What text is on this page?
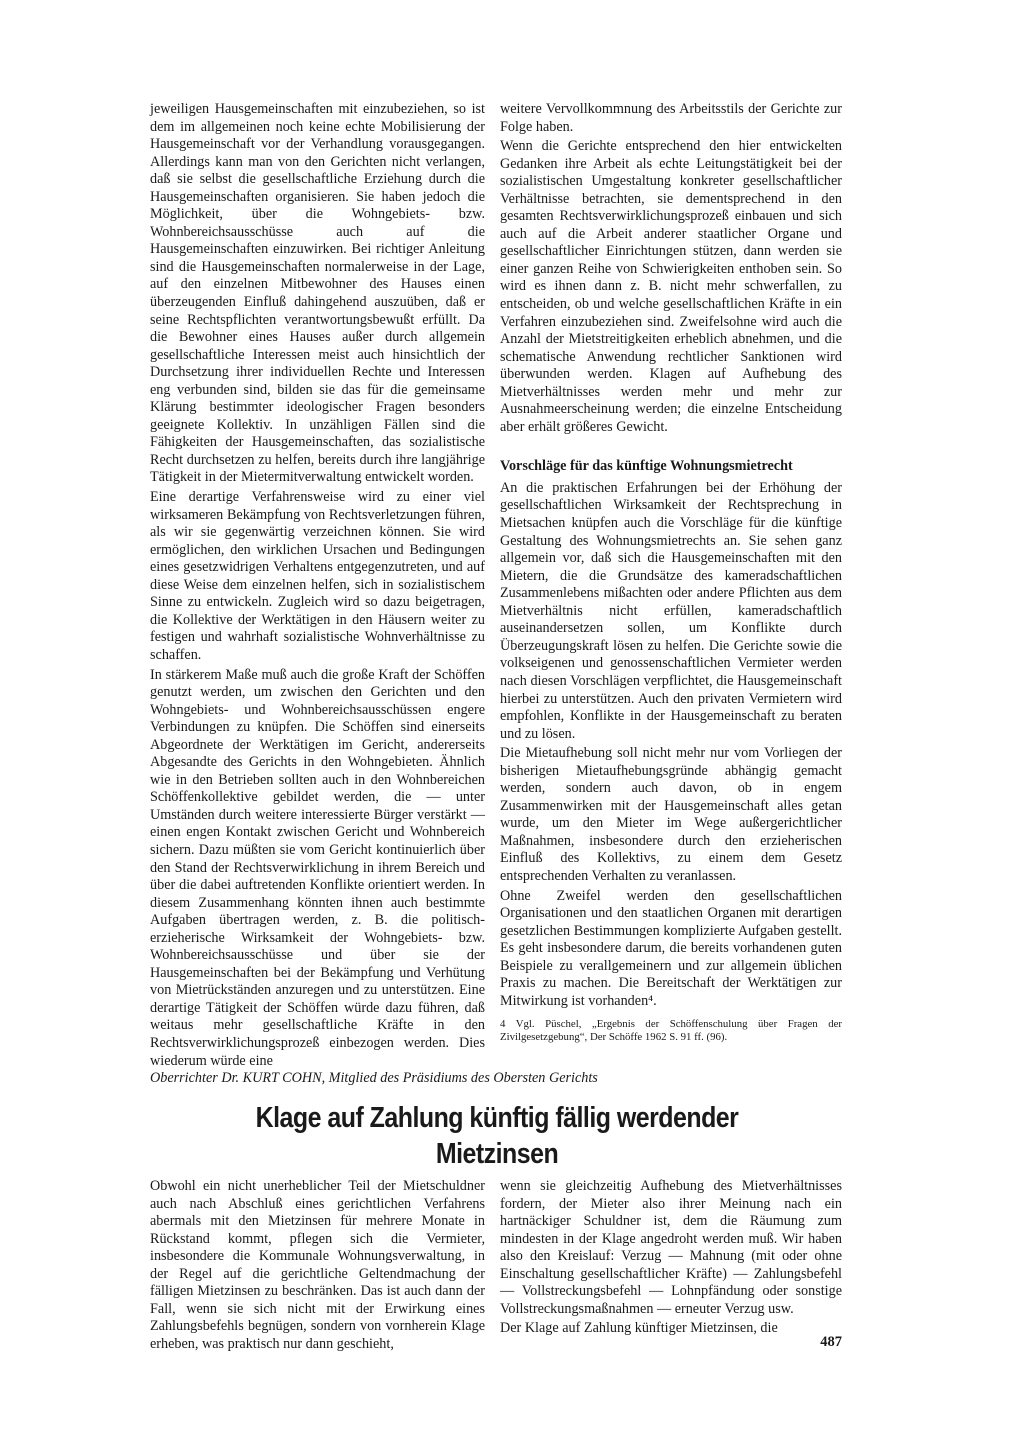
jeweiligen Hausgemeinschaften mit einzubeziehen, so ist dem im allgemeinen noch keine echte Mobilisierung der Hausgemeinschaft vor der Verhandlung vorausgegangen. Allerdings kann man von den Gerichten nicht verlangen, daß sie selbst die gesellschaftliche Erziehung durch die Hausgemeinschaften organisieren. Sie haben jedoch die Möglichkeit, über die Wohngebiets- bzw. Wohnbereichsausschüsse auch auf die Hausgemeinschaften einzuwirken. Bei richtiger Anleitung sind die Hausgemeinschaften normalerweise in der Lage, auf den einzelnen Mitbewohner des Hauses einen überzeugenden Einfluß dahingehend auszuüben, daß er seine Rechtspflichten verantwortungsbewußt erfüllt. Da die Bewohner eines Hauses außer durch allgemein gesellschaftliche Interessen meist auch hinsichtlich der Durchsetzung ihrer individuellen Rechte und Interessen eng verbunden sind, bilden sie das für die gemeinsame Klärung bestimmter ideologischer Fragen besonders geeignete Kollektiv. In unzähligen Fällen sind die Fähigkeiten der Hausgemeinschaften, das sozialistische Recht durchsetzen zu helfen, bereits durch ihre langjährige Tätigkeit in der Mietermitverwaltung entwickelt worden.

Eine derartige Verfahrensweise wird zu einer viel wirksameren Bekämpfung von Rechtsverletzungen führen, als wir sie gegenwärtig verzeichnen können. Sie wird ermöglichen, den wirklichen Ursachen und Bedingungen eines gesetzwidrigen Verhaltens entgegenzutreten, und auf diese Weise dem einzelnen helfen, sich in sozialistischem Sinne zu entwickeln. Zugleich wird so dazu beigetragen, die Kollektive der Werktätigen in den Häusern weiter zu festigen und wahrhaft sozialistische Wohnverhältnisse zu schaffen.

In stärkerem Maße muß auch die große Kraft der Schöffen genutzt werden, um zwischen den Gerichten und den Wohngebiets- und Wohnbereichsausschüssen engere Verbindungen zu knüpfen. Die Schöffen sind einerseits Abgeordnete der Werktätigen im Gericht, andererseits Abgesandte des Gerichts in den Wohngebieten. Ähnlich wie in den Betrieben sollten auch in den Wohnbereichen Schöffenkollektive gebildet werden, die — unter Umständen durch weitere interessierte Bürger verstärkt — einen engen Kontakt zwischen Gericht und Wohnbereich sichern. Dazu müßten sie vom Gericht kontinuierlich über den Stand der Rechtsverwirklichung in ihrem Bereich und über die dabei auftretenden Konflikte orientiert werden. In diesem Zusammenhang könnten ihnen auch bestimmte Aufgaben übertragen werden, z. B. die politisch-erzieherische Wirksamkeit der Wohngebiets- bzw. Wohnbereichsausschüsse und über sie der Hausgemeinschaften bei der Bekämpfung und Verhütung von Mietrückständen anzuregen und zu unterstützen. Eine derartige Tätigkeit der Schöffen würde dazu führen, daß weitaus mehr gesellschaftliche Kräfte in den Rechtsverwirklichungsprozeß einbezogen werden. Dies wiederum würde eine

weitere Vervollkommnung des Arbeitsstils der Gerichte zur Folge haben.

Wenn die Gerichte entsprechend den hier entwickelten Gedanken ihre Arbeit als echte Leitungstätigkeit bei der sozialistischen Umgestaltung konkreter gesellschaftlicher Verhältnisse betrachten, sie dementsprechend in den gesamten Rechtsverwirklichungsprozeß einbauen und sich auch auf die Arbeit anderer staatlicher Organe und gesellschaftlicher Einrichtungen stützen, dann werden sie einer ganzen Reihe von Schwierigkeiten enthoben sein. So wird es ihnen dann z. B. nicht mehr schwerfallen, zu entscheiden, ob und welche gesellschaftlichen Kräfte in ein Verfahren einzubeziehen sind. Zweifelsohne wird auch die Anzahl der Mietstreitigkeiten erheblich abnehmen, und die schematische Anwendung rechtlicher Sanktionen wird überwunden werden. Klagen auf Aufhebung des Mietverhältnisses werden mehr und mehr zur Ausnahmeerscheinung werden; die einzelne Entscheidung aber erhält größeres Gewicht.

Vorschläge für das künftige Wohnungsmietrecht

An die praktischen Erfahrungen bei der Erhöhung der gesellschaftlichen Wirksamkeit der Rechtsprechung in Mietsachen knüpfen auch die Vorschläge für die künftige Gestaltung des Wohnungsmietrechts an. Sie sehen ganz allgemein vor, daß sich die Hausgemeinschaften mit den Mietern, die die Grundsätze des kameradschaftlichen Zusammenlebens mißachten oder andere Pflichten aus dem Mietverhältnis nicht erfüllen, kameradschaftlich auseinandersetzen sollen, um Konflikte durch Überzeugungskraft lösen zu helfen. Die Gerichte sowie die volkseigenen und genossenschaftlichen Vermieter werden nach diesen Vorschlägen verpflichtet, die Hausgemeinschaft hierbei zu unterstützen. Auch den privaten Vermietern wird empfohlen, Konflikte in der Hausgemeinschaft zu beraten und zu lösen.

Die Mietaufhebung soll nicht mehr nur vom Vorliegen der bisherigen Mietaufhebungsgründe abhängig gemacht werden, sondern auch davon, ob in engem Zusammenwirken mit der Hausgemeinschaft alles getan wurde, um den Mieter im Wege außergerichtlicher Maßnahmen, insbesondere durch den erzieherischen Einfluß des Kollektivs, zu einem dem Gesetz entsprechenden Verhalten zu veranlassen.

Ohne Zweifel werden den gesellschaftlichen Organisationen und den staatlichen Organen mit derartigen gesetzlichen Bestimmungen komplizierte Aufgaben gestellt. Es geht insbesondere darum, die bereits vorhandenen guten Beispiele zu verallgemeinern und zur allgemein üblichen Praxis zu machen. Die Bereitschaft der Werktätigen zur Mitwirkung ist vorhanden⁴.

4 Vgl. Püschel, „Ergebnis der Schöffenschulung über Fragen der Zivilgesetzgebung“, Der Schöffe 1962 S. 91 ff. (96).

Oberrichter Dr. KURT COHN, Mitglied des Präsidiums des Obersten Gerichts

Klage auf Zahlung künftig fällig werdender Mietzinsen

Obwohl ein nicht unerheblicher Teil der Mietschuldner auch nach Abschluß eines gerichtlichen Verfahrens abermals mit den Mietzinsen für mehrere Monate in Rückstand kommt, pflegen sich die Vermieter, insbesondere die Kommunale Wohnungsverwaltung, in der Regel auf die gerichtliche Geltendmachung der fälligen Mietzinsen zu beschränken. Das ist auch dann der Fall, wenn sie sich nicht mit der Erwirkung eines Zahlungsbefehls begnügen, sondern von vornherein Klage erheben, was praktisch nur dann geschieht,

wenn sie gleichzeitig Aufhebung des Mietverhältnisses fordern, der Mieter also ihrer Meinung nach ein hartnäckiger Schuldner ist, dem die Räumung zum mindesten in der Klage angedroht werden muß. Wir haben also den Kreislauf: Verzug — Mahnung (mit oder ohne Einschaltung gesellschaftlicher Kräfte) — Zahlungsbefehl — Vollstreckungsbefehl — Lohnpfändung oder sonstige Vollstreckungsmaßnahmen — erneuter Verzug usw.

Der Klage auf Zahlung künftiger Mietzinsen, die

487
